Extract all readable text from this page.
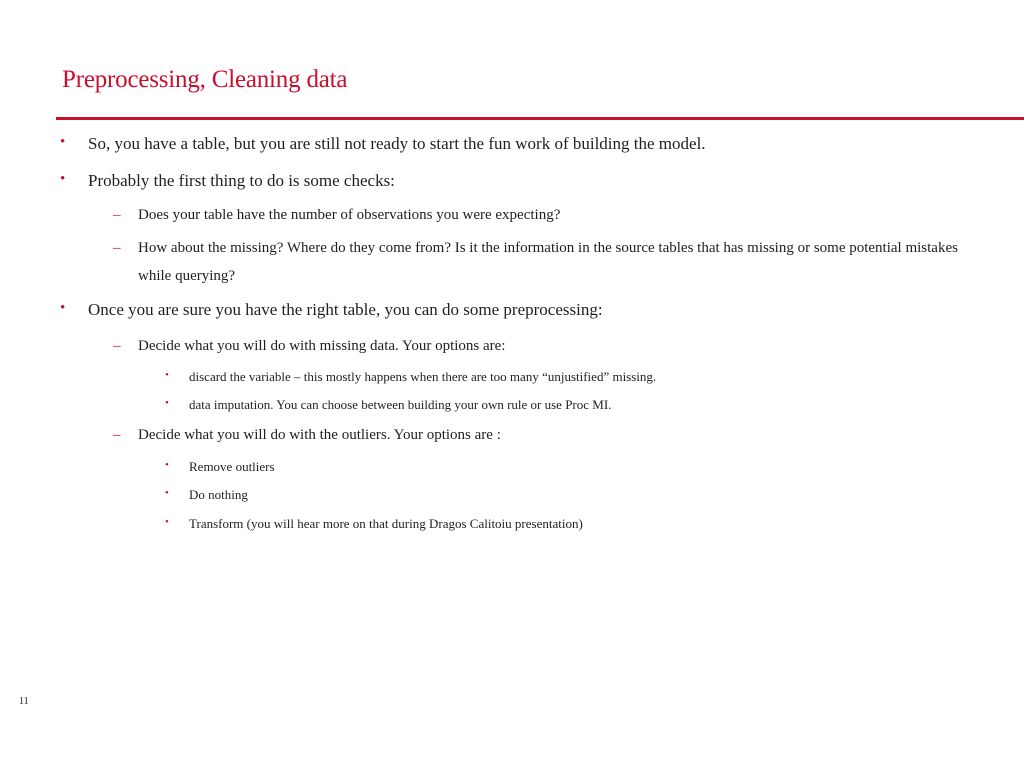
Preprocessing, Cleaning data
• So, you have a table, but you are still not ready to start the fun work of building the model.
• Probably the first thing to do is some checks:
– Does your table have the number of observations you were expecting?
– How about the missing? Where do they come from? Is it the information in the source tables that has missing or some potential mistakes while querying?
• Once you are sure you have the right table, you can do some preprocessing:
– Decide what you will do with missing data. Your options are:
• discard the variable – this mostly happens when there are too many “unjustified” missing.
• data imputation. You can choose between building your own rule or use Proc MI.
– Decide what you will do with the outliers. Your options are :
• Remove outliers
• Do nothing
• Transform (you will hear more on that during Dragos Calitoiu presentation)
11
